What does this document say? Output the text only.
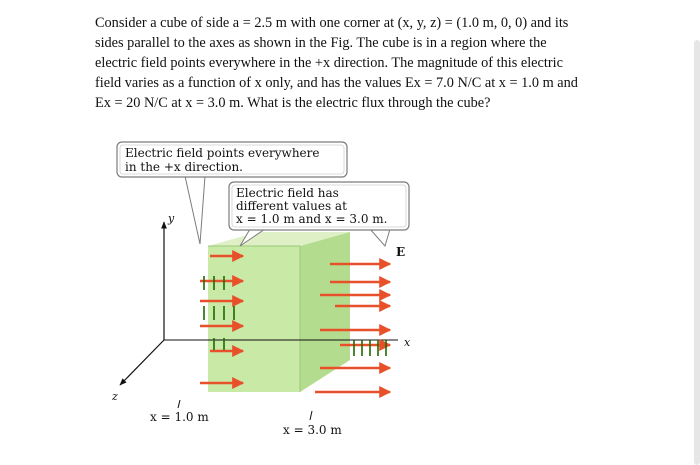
Consider a cube of side a = 2.5 m with one corner at (x, y, z) = (1.0 m, 0, 0) and its
sides parallel to the axes as shown in the Fig. The cube is in a region where the
electric field points everywhere in the +x direction. The magnitude of this electric
field varies as a function of x only, and has the values Ex = 7.0 N/C at x = 1.0 m and
Ex = 20 N/C at x = 3.0 m. What is the electric flux through the cube?

y
x
z
Electric field points everywhere
in the +x direction.
Electric field has
different values at
x = 1.0 m and x = 3.0 m.
E
x = 1.0 m
x = 3.0 m
